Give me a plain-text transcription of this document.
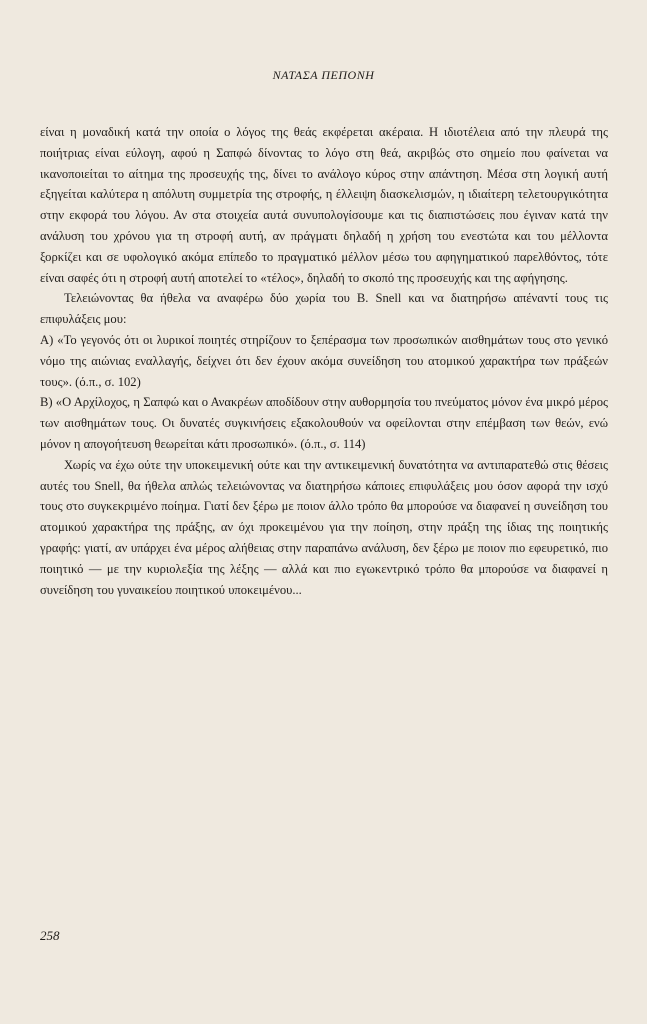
ΝΑΤΑΣΑ ΠΕΠΟΝΗ

είναι η μοναδική κατά την οποία ο λόγος της θεάς εκφέρεται ακέραια. Η ιδιοτέλεια από την πλευρά της ποιήτριας είναι εύλογη, αφού η Σαπφώ δίνοντας το λόγο στη θεά, ακριβώς στο σημείο που φαίνεται να ικανοποιείται το αίτημα της προσευχής της, δίνει το ανάλογο κύρος στην απάντηση. Μέσα στη λογική αυτή εξηγείται καλύτερα η απόλυτη συμμετρία της στροφής, η έλλειψη διασκελισμών, η ιδιαίτερη τελετουργικότητα στην εκφορά του λόγου. Αν στα στοιχεία αυτά συνυπολογίσουμε και τις διαπιστώσεις που έγιναν κατά την ανάλυση του χρόνου για τη στροφή αυτή, αν πράγματι δηλαδή η χρήση του ενεστώτα και του μέλλοντα ξορκίζει και σε υφολογικό ακόμα επίπεδο το πραγματικό μέλλον μέσω του αφηγηματικού παρελθόντος, τότε είναι σαφές ότι η στροφή αυτή αποτελεί το «τέλος», δηλαδή το σκοπό της προσευχής και της αφήγησης.

Τελειώνοντας θα ήθελα να αναφέρω δύο χωρία του Β. Snell και να διατηρήσω απέναντί τους τις επιφυλάξεις μου:

Α) «Το γεγονός ότι οι λυρικοί ποιητές στηρίζουν το ξεπέρασμα των προσωπικών αισθημάτων τους στο γενικό νόμο της αιώνιας εναλλαγής, δείχνει ότι δεν έχουν ακόμα συνείδηση του ατομικού χαρακτήρα των πράξεών τους». (ό.π., σ. 102)

Β) «Ο Αρχίλοχος, η Σαπφώ και ο Ανακρέων αποδίδουν στην αυθορμησία του πνεύματος μόνον ένα μικρό μέρος των αισθημάτων τους. Οι δυνατές συγκινήσεις εξακολουθούν να οφείλονται στην επέμβαση των θεών, ενώ μόνον η απογοήτευση θεωρείται κάτι προσωπικό». (ό.π., σ. 114)

Χωρίς να έχω ούτε την υποκειμενική ούτε και την αντικειμενική δυνατότητα να αντιπαρατεθώ στις θέσεις αυτές του Snell, θα ήθελα απλώς τελειώνοντας να διατηρήσω κάποιες επιφυλάξεις μου όσον αφορά την ισχύ τους στο συγκεκριμένο ποίημα. Γιατί δεν ξέρω με ποιον άλλο τρόπο θα μπορούσε να διαφανεί η συνείδηση του ατομικού χαρακτήρα της πράξης, αν όχι προκειμένου για την ποίηση, στην πράξη της ίδιας της ποιητικής γραφής: γιατί, αν υπάρχει ένα μέρος αλήθειας στην παραπάνω ανάλυση, δεν ξέρω με ποιον πιο εφευρετικό, πιο ποιητικό — με την κυριολεξία της λέξης — αλλά και πιο εγωκεντρικό τρόπο θα μπορούσε να διαφανεί η συνείδηση του γυναικείου ποιητικού υποκειμένου...

258
